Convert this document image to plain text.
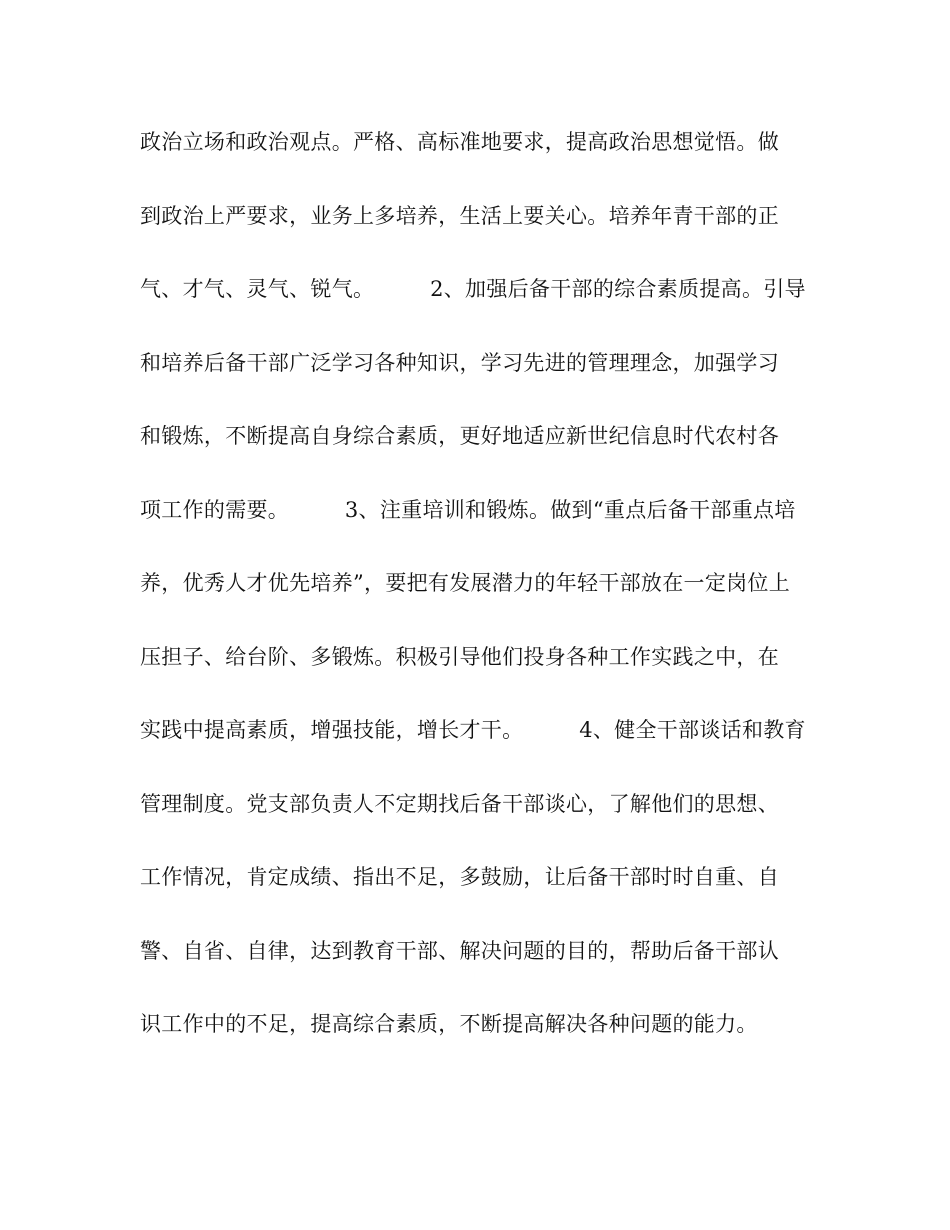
政治立场和政治观点。严格、高标准地要求，提高政治思想觉悟。做
到政治上严要求，业务上多培养，生活上要关心。培养年青干部的正
气、才气、灵气、锐气。        2、加强后备干部的综合素质提高。引导
和培养后备干部广泛学习各种知识，学习先进的管理理念，加强学习
和锻炼，不断提高自身综合素质，更好地适应新世纪信息时代农村各
项工作的需要。        3、注重培训和锻炼。做到“重点后备干部重点培
养，优秀人才优先培养”，要把有发展潜力的年轻干部放在一定岗位上
压担子、给台阶、多锻炼。积极引导他们投身各种工作实践之中，在
实践中提高素质，增强技能，增长才干。        4、健全干部谈话和教育
管理制度。党支部负责人不定期找后备干部谈心，了解他们的思想、
工作情况，肯定成绩、指出不足，多鼓励，让后备干部时时自重、自
警、自省、自律，达到教育干部、解决问题的目的，帮助后备干部认
识工作中的不足，提高综合素质，不断提高解决各种问题的能力。
